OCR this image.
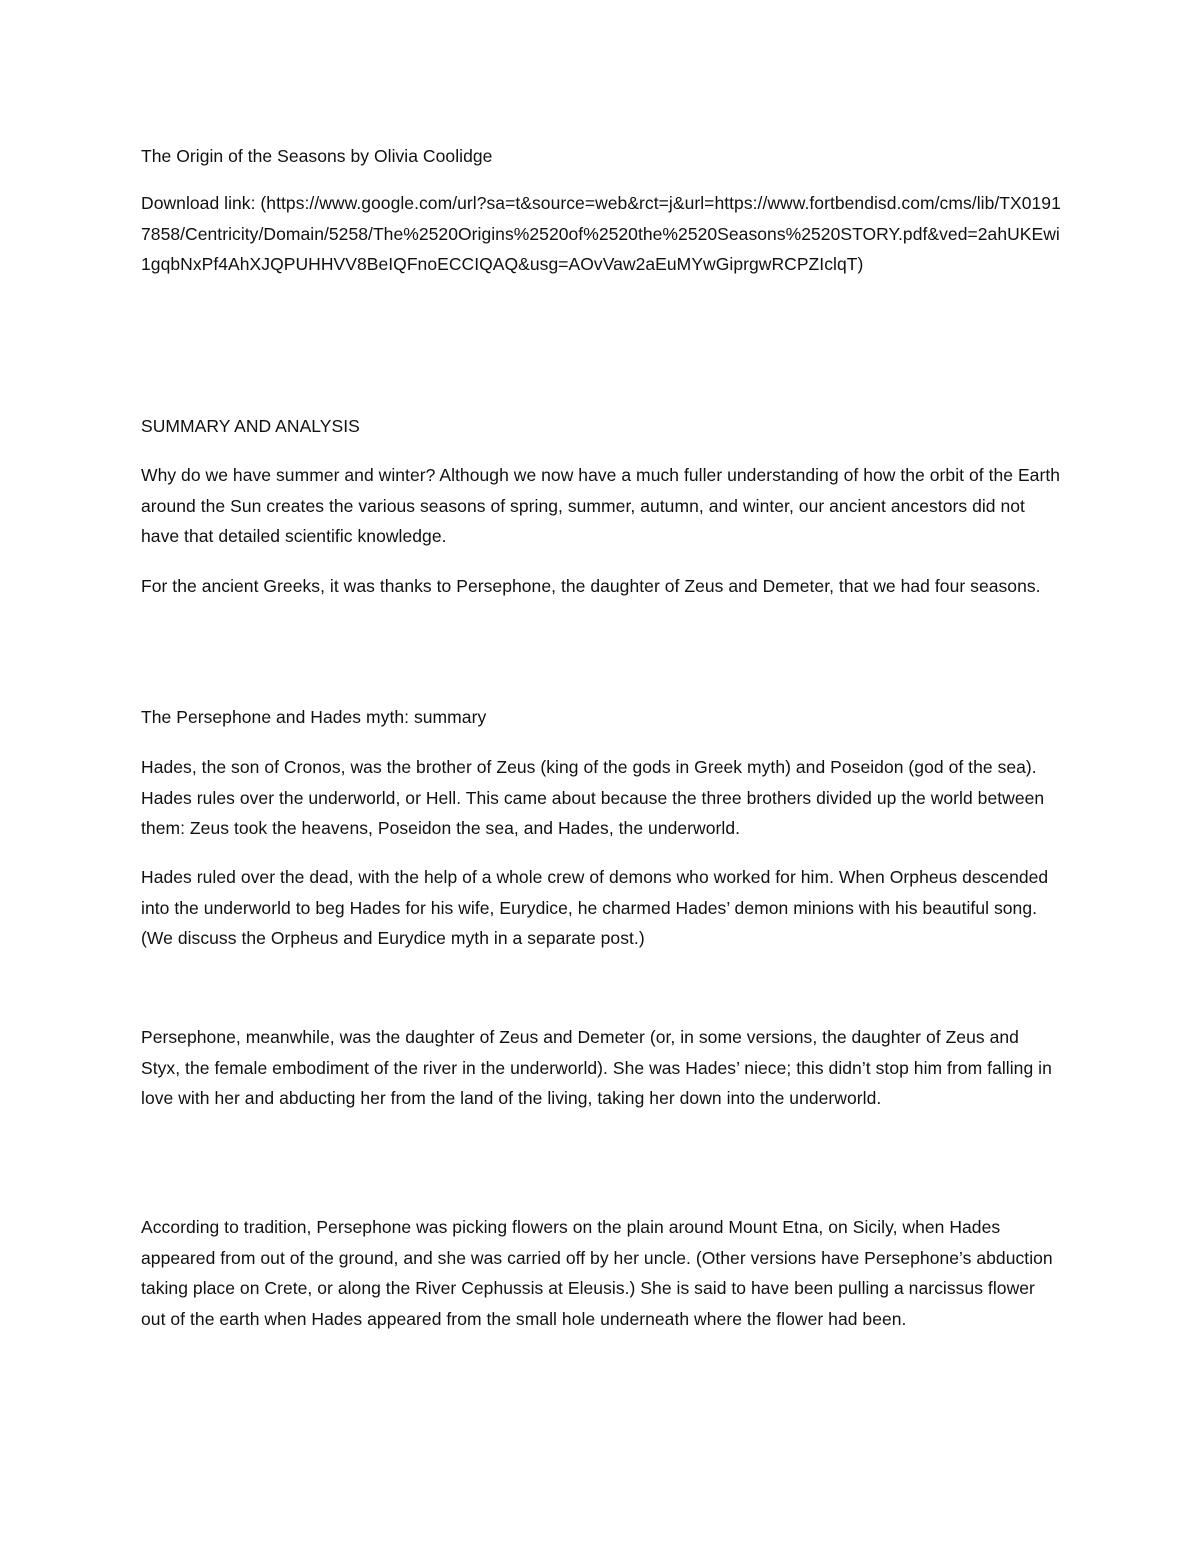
The Origin of the Seasons by Olivia Coolidge

Download link: (https://www.google.com/url?sa=t&source=web&rct=j&url=https://www.fortbendisd.com/cms/lib/TX01917858/Centricity/Domain/5258/The%2520Origins%2520of%2520the%2520Seasons%2520STORY.pdf&ved=2ahUKEwi1gqbNxPf4AhXJQPUHHVV8BeIQFnoECCIQAQ&usg=AOvVaw2aEuMYwGiprgwRCPZIclqT)

SUMMARY AND ANALYSIS

Why do we have summer and winter? Although we now have a much fuller understanding of how the orbit of the Earth around the Sun creates the various seasons of spring, summer, autumn, and winter, our ancient ancestors did not have that detailed scientific knowledge.

For the ancient Greeks, it was thanks to Persephone, the daughter of Zeus and Demeter, that we had four seasons.

The Persephone and Hades myth: summary

Hades, the son of Cronos, was the brother of Zeus (king of the gods in Greek myth) and Poseidon (god of the sea). Hades rules over the underworld, or Hell. This came about because the three brothers divided up the world between them: Zeus took the heavens, Poseidon the sea, and Hades, the underworld.

Hades ruled over the dead, with the help of a whole crew of demons who worked for him. When Orpheus descended into the underworld to beg Hades for his wife, Eurydice, he charmed Hades’ demon minions with his beautiful song. (We discuss the Orpheus and Eurydice myth in a separate post.)

Persephone, meanwhile, was the daughter of Zeus and Demeter (or, in some versions, the daughter of Zeus and Styx, the female embodiment of the river in the underworld). She was Hades’ niece; this didn’t stop him from falling in love with her and abducting her from the land of the living, taking her down into the underworld.

According to tradition, Persephone was picking flowers on the plain around Mount Etna, on Sicily, when Hades appeared from out of the ground, and she was carried off by her uncle. (Other versions have Persephone’s abduction taking place on Crete, or along the River Cephussis at Eleusis.) She is said to have been pulling a narcissus flower out of the earth when Hades appeared from the small hole underneath where the flower had been.
